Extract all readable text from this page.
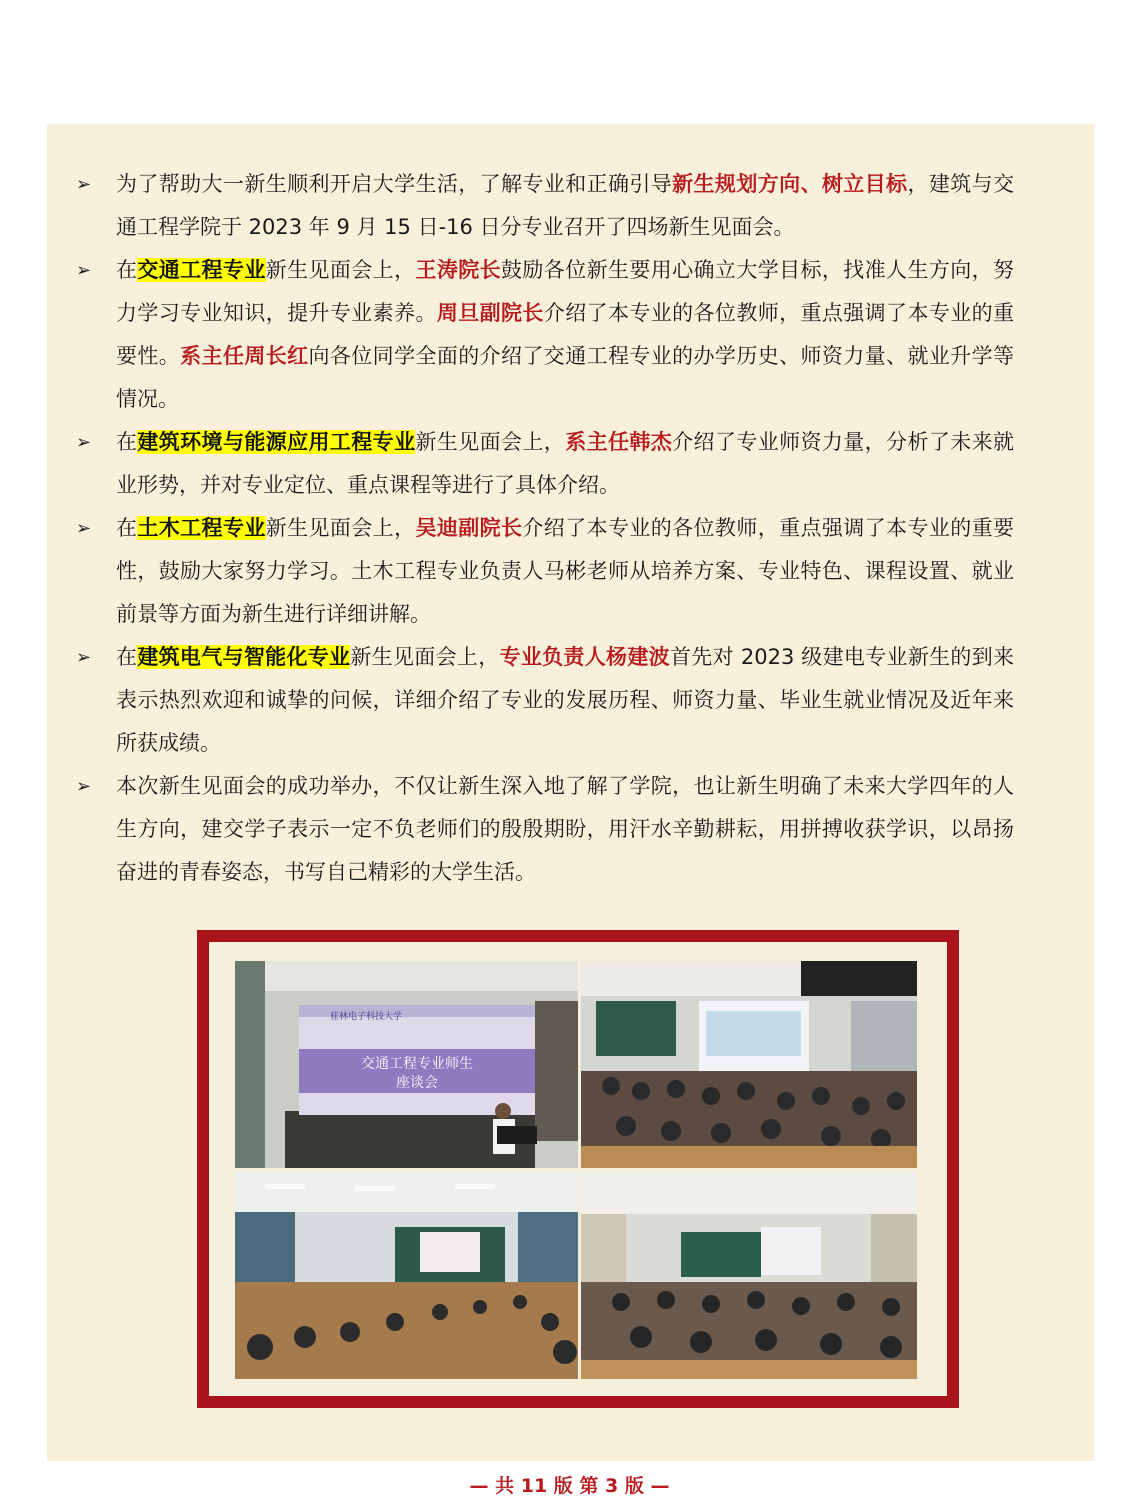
➢ 为了帮助大一新生顺利开启大学生活，了解专业和正确引导新生规划方向、树立目标，建筑与交通工程学院于 2023 年 9 月 15 日-16 日分专业召开了四场新生见面会。
➢ 在交通工程专业新生见面会上，王涛院长鼓励各位新生要用心确立大学目标，找准人生方向，努力学习专业知识，提升专业素养。周旦副院长介绍了本专业的各位教师，重点强调了本专业的重要性。系主任周长红向各位同学全面的介绍了交通工程专业的办学历史、师资力量、就业升学等情况。
➢ 在建筑环境与能源应用工程专业新生见面会上，系主任韩杰介绍了专业师资力量，分析了未来就业形势，并对专业定位、重点课程等进行了具体介绍。
➢ 在土木工程专业新生见面会上，吴迪副院长介绍了本专业的各位教师，重点强调了本专业的重要性，鼓励大家努力学习。土木工程专业负责人马彬老师从培养方案、专业特色、课程设置、就业前景等方面为新生进行详细讲解。
➢ 在建筑电气与智能化专业新生见面会上，专业负责人杨建波首先对 2023 级建电专业新生的到来表示热烈欢迎和诚挚的问候，详细介绍了专业的发展历程、师资力量、毕业生就业情况及近年来所获成绩。
➢ 本次新生见面会的成功举办，不仅让新生深入地了解了学院，也让新生明确了未来大学四年的人生方向，建交学子表示一定不负老师们的殷殷期盼，用汗水辛勤耕耘，用拼搏收获学识，以昂扬奋进的青春姿态，书写自己精彩的大学生活。
桂林电子科技大学
交通工程专业师生
座谈会
— 共 11 版 第 3 版 —
